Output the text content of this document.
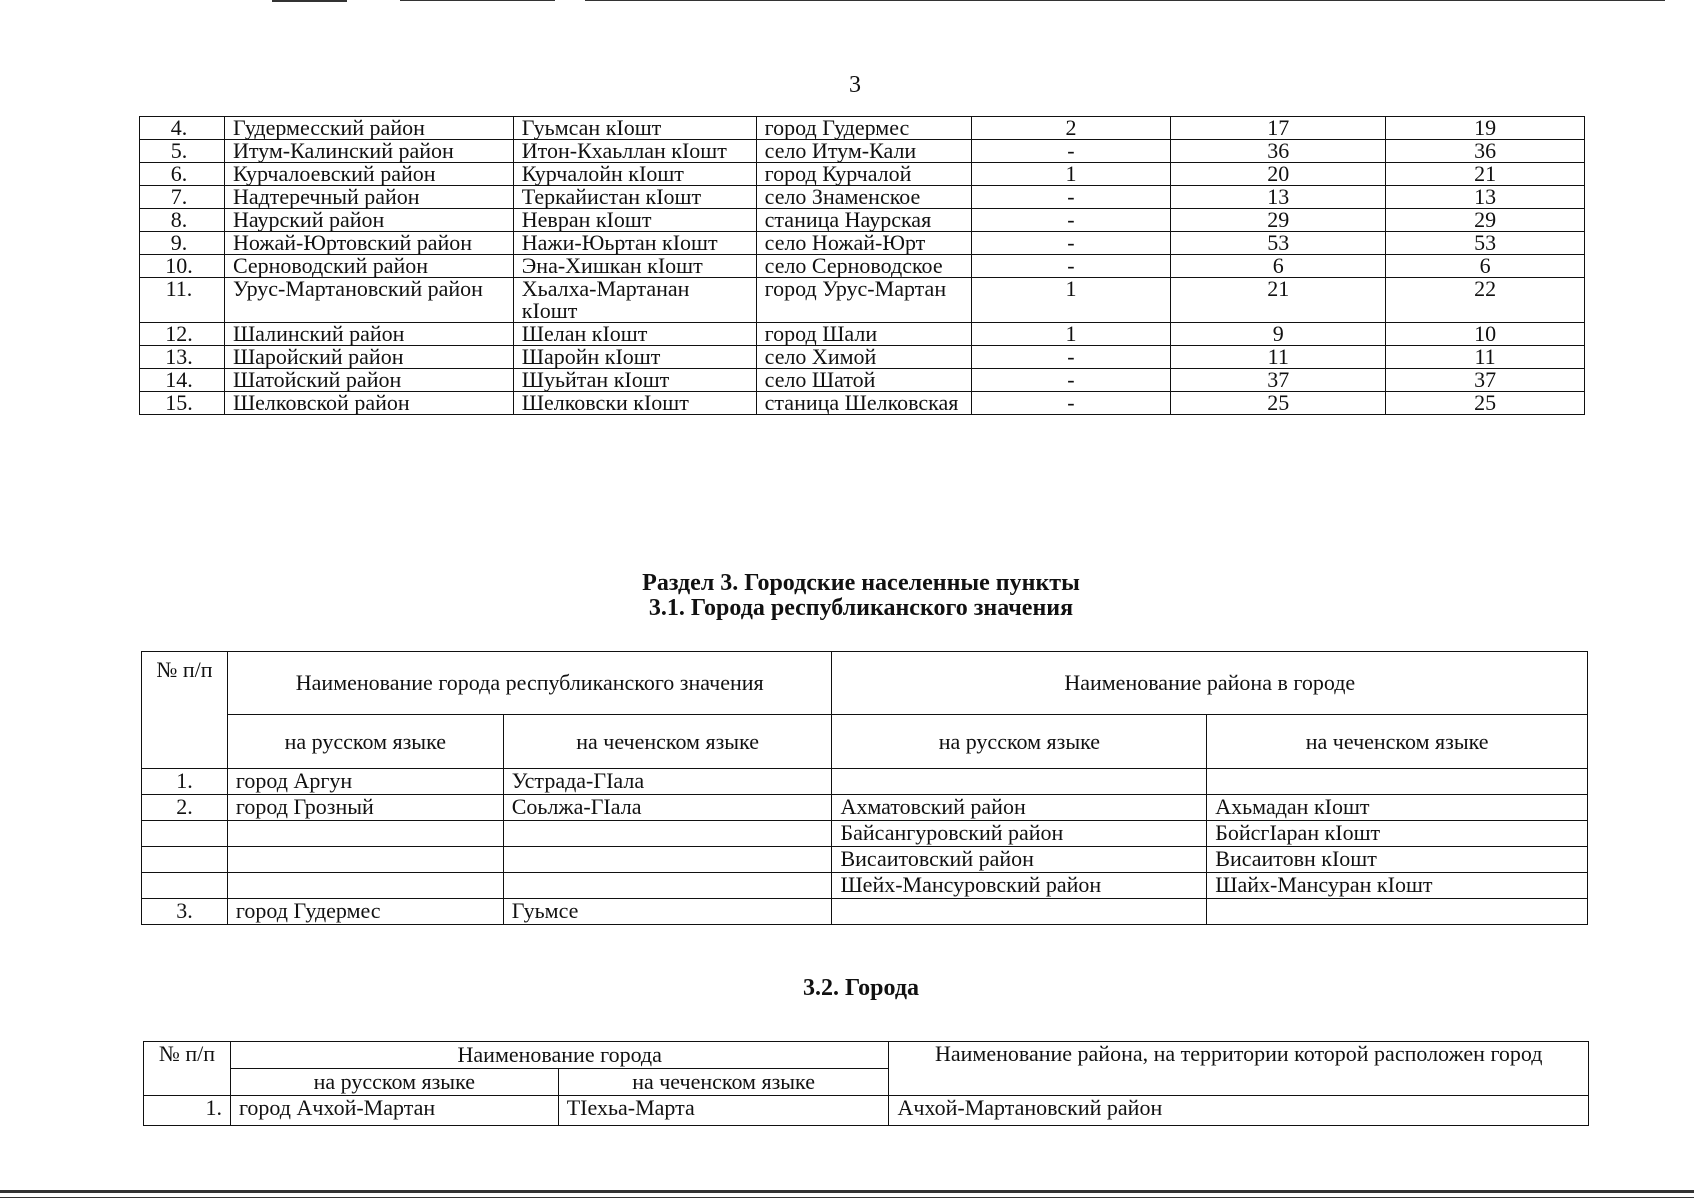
3
4.	Гудермесский район	Гуьмсан кIошт	город Гудермес	2	17	19
5.	Итум-Калинский район	Итон-Кхаьллан кIошт	село Итум-Кали	-	36	36
6.	Курчалоевский район	Курчалойн кIошт	город Курчалой	1	20	21
7.	Надтеречный район	Теркайистан кIошт	село Знаменское	-	13	13
8.	Наурский район	Невран кIошт	станица Наурская	-	29	29
9.	Ножай-Юртовский район	Нажи-Юьртан кIошт	село Ножай-Юрт	-	53	53
10.	Серноводский район	Эна-Хишкан кIошт	село Серноводское	-	6	6
11.	Урус-Мартановский район	Хьалха-Мартанан кIошт	город Урус-Мартан	1	21	22
12.	Шалинский район	Шелан кIошт	город Шали	1	9	10
13.	Шаройский район	Шаройн кIошт	село Химой	-	11	11
14.	Шатойский район	Шуьйтан кIошт	село Шатой	-	37	37
15.	Шелковской район	Шелковски кIошт	станица Шелковская	-	25	25
Раздел 3. Городские населенные пункты
3.1. Города республиканского значения
№ п/п	Наименование города республиканского значения		Наименование района в городе	
	на русском языке	на чеченском языке	на русском языке	на чеченском языке
1.	город Аргун	Устрада-ГIала		
2.	город Грозный	Соьлжа-ГIала	Ахматовский район	Ахьмадан кIошт
			Байсангуровский район	БойсгIаран кIошт
			Висаитовский район	Висаитовн кIошт
			Шейх-Мансуровский район	Шайх-Мансуран кIошт
3.	город Гудермес	Гуьмсе		
3.2. Города
№ п/п	Наименование города		Наименование района, на территории которой расположен город
	на русском языке	на чеченском языке	
1.	город Ачхой-Мартан	ТIехьа-Марта	Ачхой-Мартановский район
